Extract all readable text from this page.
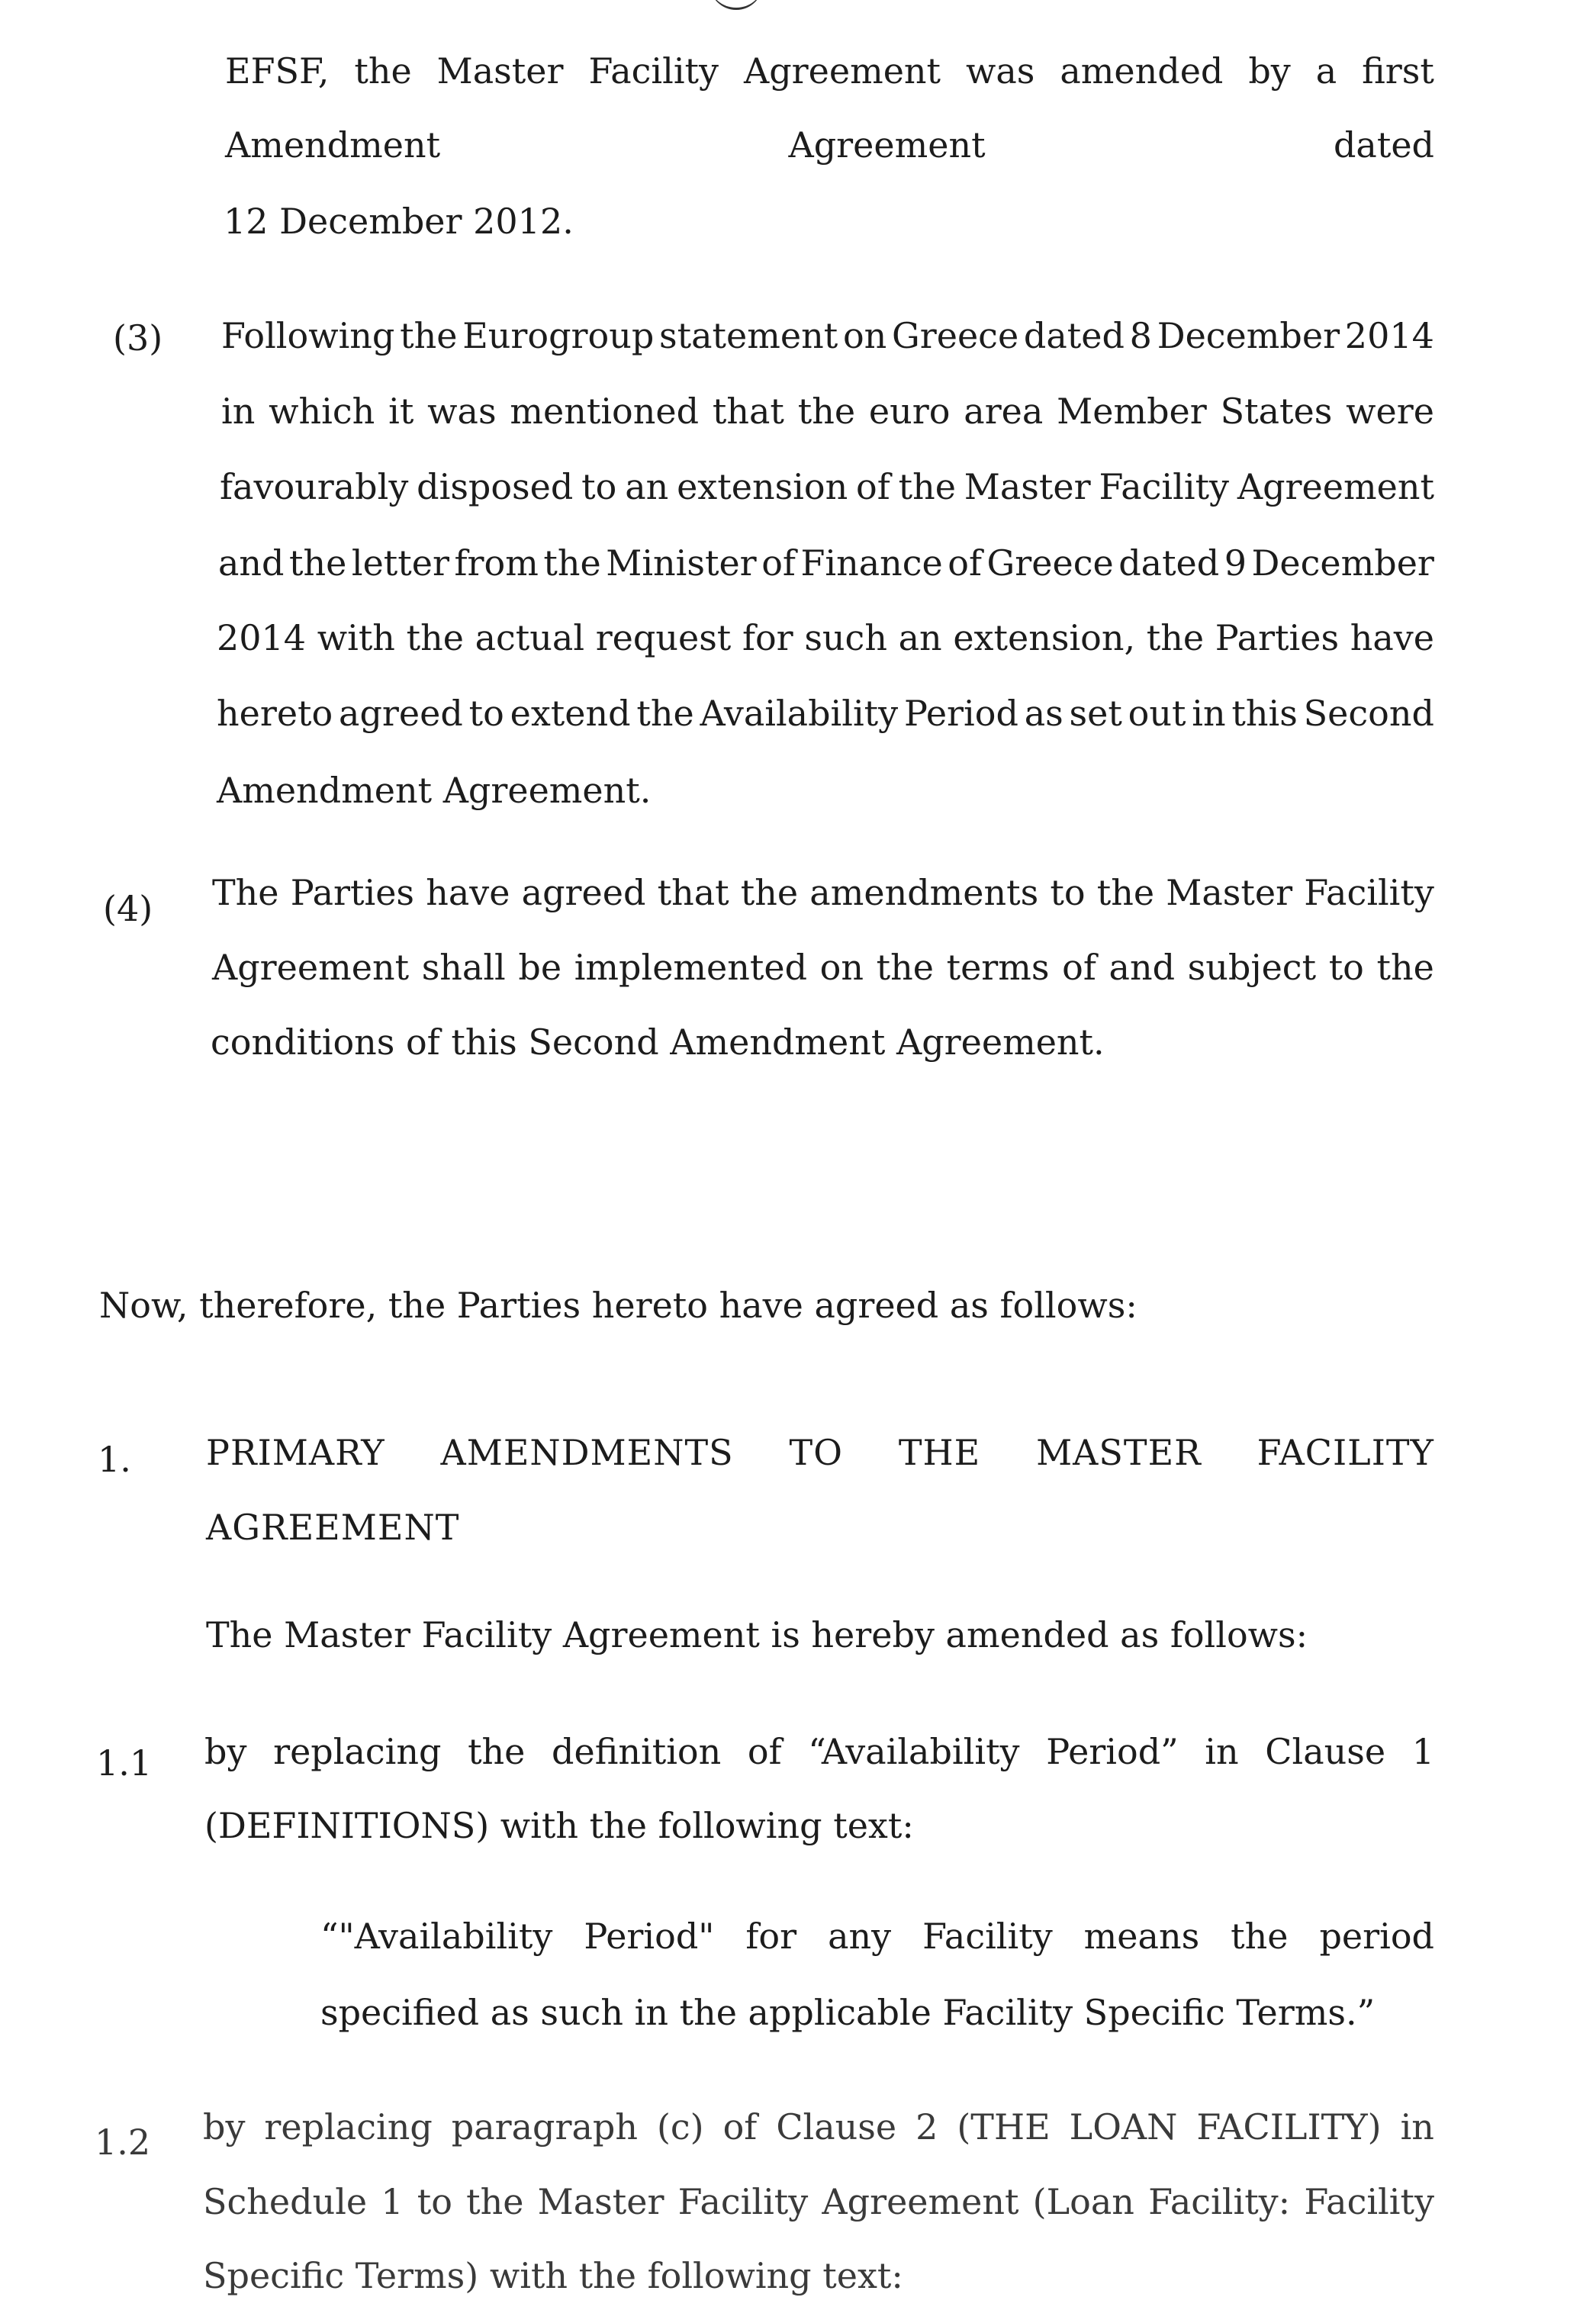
EFSF, the Master Facility Agreement was amended by a first
Amendment	Agreement	dated
12 December 2012.
(3) Following the Eurogroup statement on Greece dated 8 December 2014
in which it was mentioned that the euro area Member States were
favourably disposed to an extension of the Master Facility Agreement
and the letter from the Minister of Finance of Greece dated 9 December
2014 with the actual request for such an extension, the Parties have
hereto agreed to extend the Availability Period as set out in this Second
Amendment Agreement.
(4) The Parties have agreed that the amendments to the Master Facility
Agreement shall be implemented on the terms of and subject to the
conditions of this Second Amendment Agreement.
Now, therefore, the Parties hereto have agreed as follows:
1. PRIMARY AMENDMENTS TO THE MASTER FACILITY
AGREEMENT
The Master Facility Agreement is hereby amended as follows:
1.1 by replacing the definition of “Availability Period” in Clause 1
(DEFINITIONS) with the following text:
“"Availability Period" for any Facility means the period
specified as such in the applicable Facility Specific Terms.”
1.2 by replacing paragraph (c) of Clause 2 (THE LOAN FACILITY) in
Schedule 1 to the Master Facility Agreement (Loan Facility: Facility
Specific Terms) with the following text:
